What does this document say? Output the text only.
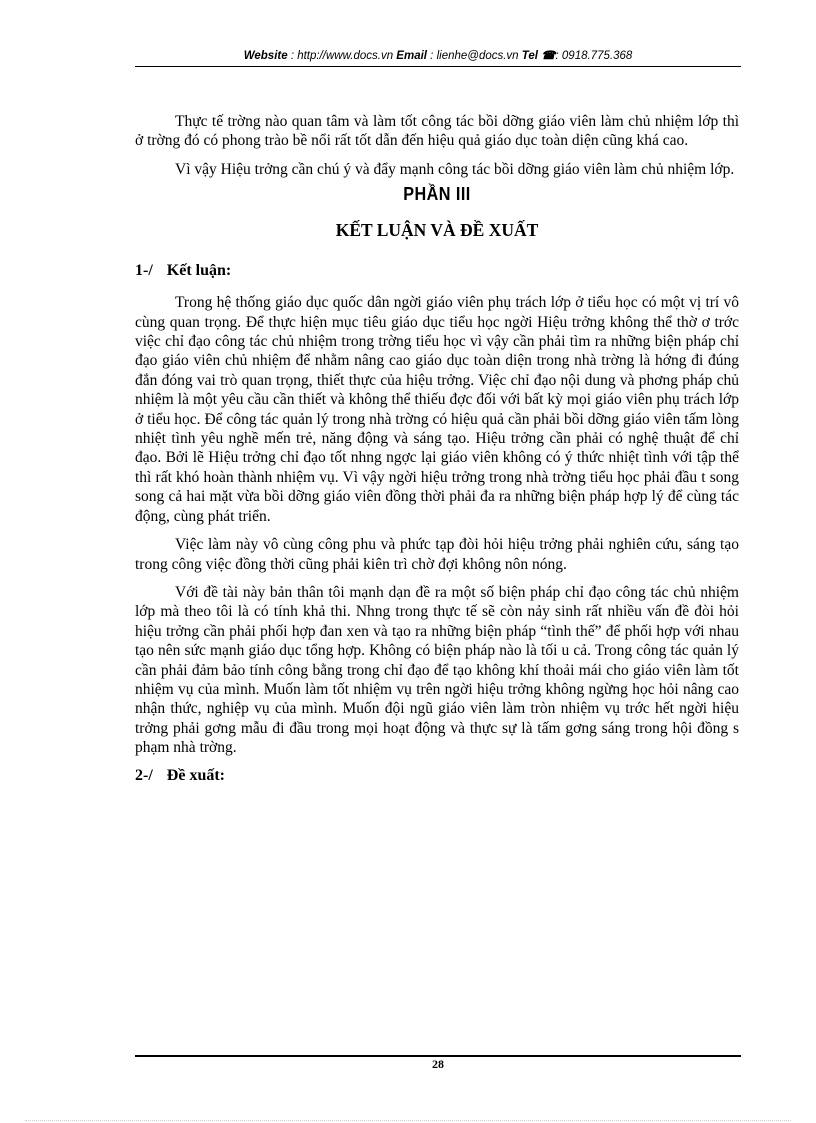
Website : http://www.docs.vn Email : lienhe@docs.vn Tel ☎: 0918.775.368

Thực tế trờng nào quan tâm và làm tốt công tác bồi dỡng giáo viên làm chủ nhiệm lớp thì ở trờng đó có phong trào bề nổi rất tốt dẫn đến hiệu quả giáo dục toàn diện cũng khá cao.

Vì vậy Hiệu trởng cần chú ý và đẩy mạnh công tác bồi dỡng giáo viên làm chủ nhiệm lớp.

PHẦN III
KẾT LUẬN VÀ ĐỀ XUẤT
1-/ Kết luận:

Trong hệ thống giáo dục quốc dân ngời giáo viên phụ trách lớp ở tiểu học có một vị trí vô cùng quan trọng. Để thực hiện mục tiêu giáo dục tiểu học ngời Hiệu trởng không thể thờ ơ trớc việc chỉ đạo công tác chủ nhiệm trong trờng tiểu học vì vậy cần phải tìm ra những biện pháp chỉ đạo giáo viên chủ nhiệm để nhằm nâng cao giáo dục toàn diện trong nhà trờng là hớng đi đúng đắn đóng vai trò quan trọng, thiết thực của hiệu trởng. Việc chỉ đạo nội dung và phơng pháp chủ nhiệm là một yêu cầu cần thiết và không thể thiếu đợc đối với bất kỳ mọi giáo viên phụ trách lớp ở tiểu học. Để công tác quản lý trong nhà trờng có hiệu quả cần phải bồi dỡng giáo viên tấm lòng nhiệt tình yêu nghề mến trẻ, năng động và sáng tạo. Hiệu trởng cần phải có nghệ thuật để chỉ đạo. Bởi lẽ Hiệu trởng chỉ đạo tốt nhng ngợc lại giáo viên không có ý thức nhiệt tình với tập thể thì rất khó hoàn thành nhiệm vụ. Vì vậy ngời hiệu trởng trong nhà trờng tiểu học phải đầu t song song cả hai mặt vừa bồi dỡng giáo viên đồng thời phải đa ra những biện pháp hợp lý để cùng tác động, cùng phát triển.

Việc làm này vô cùng công phu và phức tạp đòi hỏi hiệu trởng phải nghiên cứu, sáng tạo trong công việc đồng thời cũng phải kiên trì chờ đợi không nôn nóng.

Với đề tài này bản thân tôi mạnh dạn đề ra một số biện pháp chỉ đạo công tác chủ nhiệm lớp mà theo tôi là có tính khả thi. Nhng trong thực tế sẽ còn nảy sinh rất nhiều vấn đề đòi hỏi hiệu trởng cần phải phối hợp đan xen và tạo ra những biện pháp “tình thế” để phối hợp với nhau tạo nên sức mạnh giáo dục tổng hợp. Không có biện pháp nào là tối u cả. Trong công tác quản lý cần phải đảm bảo tính công bằng trong chỉ đạo để tạo không khí thoải mái cho giáo viên làm tốt nhiệm vụ của mình. Muốn làm tốt nhiệm vụ trên ngời hiệu trởng không ngừng học hỏi nâng cao nhận thức, nghiệp vụ của mình. Muốn đội ngũ giáo viên làm tròn nhiệm vụ trớc hết ngời hiệu trởng phải gơng mẫu đi đầu trong mọi hoạt động và thực sự là tấm gơng sáng trong hội đồng s phạm nhà trờng.

2-/ Đề xuất:
28
